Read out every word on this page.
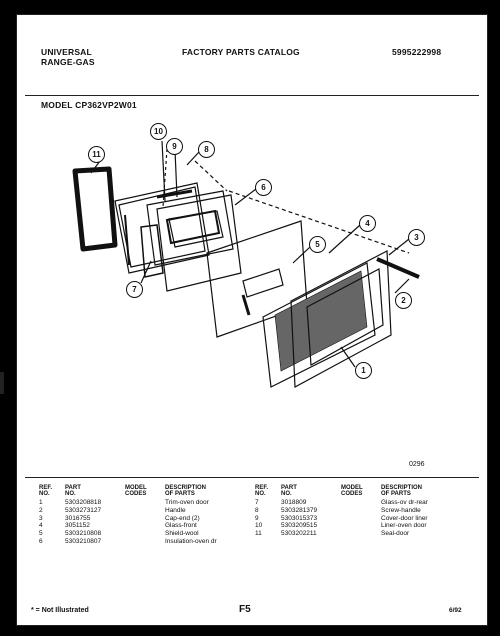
UNIVERSAL
RANGE-GAS
FACTORY PARTS CATALOG	5995222998
MODEL CP362VP2W01
11
10
9	8
6
5
4
3
2
1
7
0296
REF.
NO.	PART
NO.	MODEL
CODES	DESCRIPTION
OF PARTS
1	5303208818		Trim-oven door
2	5303273127		Handle
3	3016755		Cap-end (2)
4	3051152		Glass-front
5	5303210808		Shield-wool
6	5303210807		Insulation-oven dr
REF.
NO.	PART
NO.	MODEL
CODES	DESCRIPTION
OF PARTS
7	3018809		Glass-ov dr-rear
8	5303281379		Screw-handle
9	5303015373		Cover-door liner
10	5303209515		Liner-oven door
11	5303202211		Seal-door
* = Not Illustrated	F5	6/92
